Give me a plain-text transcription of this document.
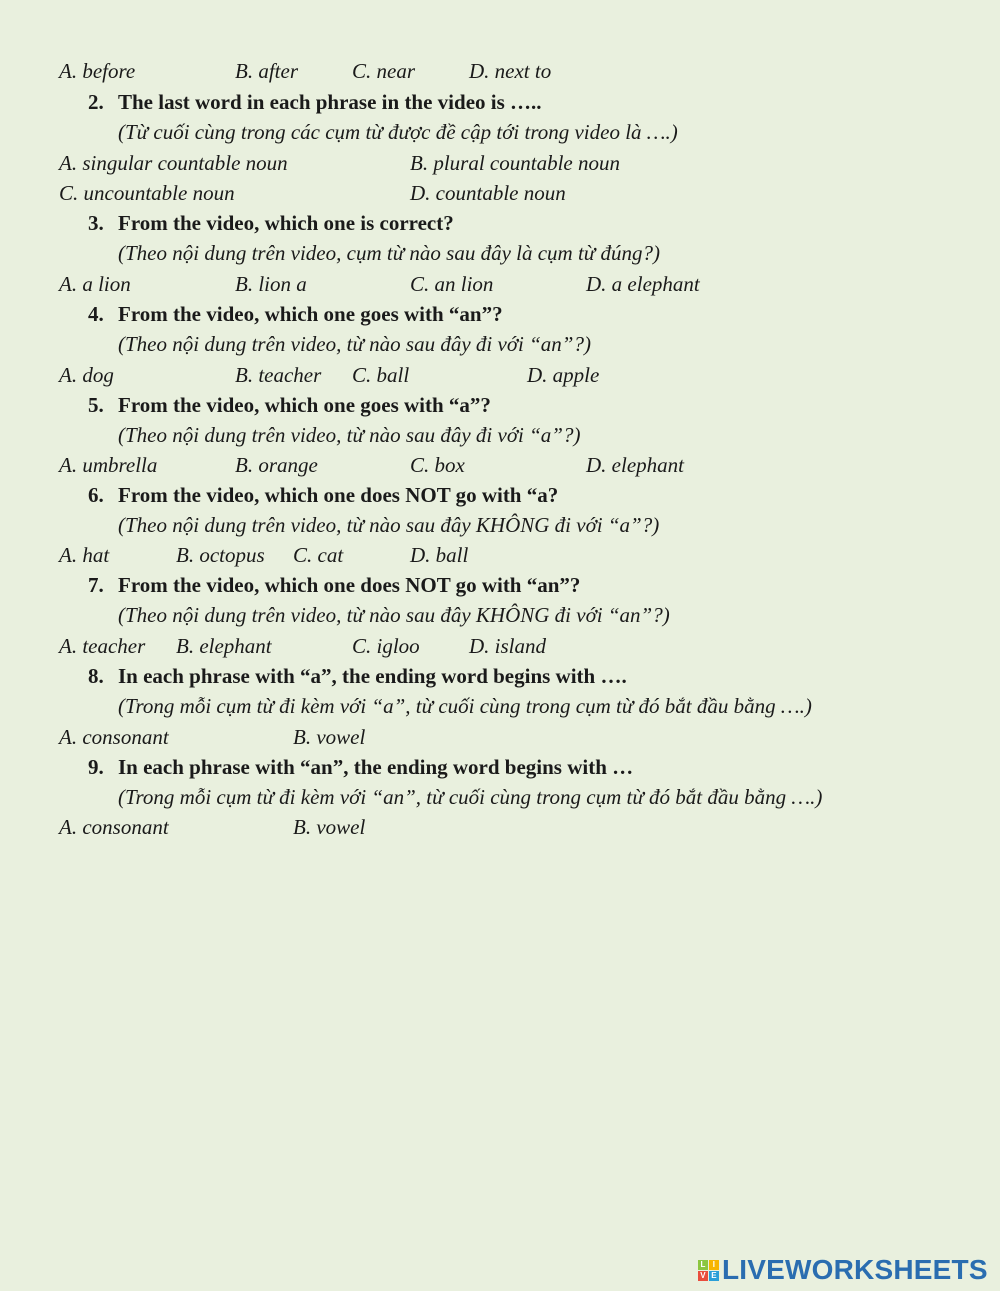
A. before	B. after	C. near	D. next to
2. The last word in each phrase in the video is …..
(Từ cuối cùng trong các cụm từ được đề cập tới trong video là ….)
A. singular countable noun	B. plural countable noun
C. uncountable noun	D. countable noun
3. From the video, which one is correct?
(Theo nội dung trên video, cụm từ nào sau đây là cụm từ đúng?)
A. a lion	B. lion a	C. an lion	D. a elephant
4. From the video, which one goes with “an”?
(Theo nội dung trên video, từ nào sau đây đi với “an”?)
A. dog	B. teacher C. ball	D. apple
5. From the video, which one goes with “a”?
(Theo nội dung trên video, từ nào sau đây đi với “a”?)
A. umbrella	B. orange	C. box	D. elephant
6. From the video, which one does NOT go with “a?
(Theo nội dung trên video, từ nào sau đây KHÔNG đi với “a”?)
A. hat	B. octopus C. cat	D. ball
7. From the video, which one does NOT go with “an”?
(Theo nội dung trên video, từ nào sau đây KHÔNG đi với “an”?)
A. teacher B. elephant	C. igloo D. island
8. In each phrase with “a”, the ending word begins with ….
(Trong mỗi cụm từ đi kèm với “a”, từ cuối cùng trong cụm từ đó bắt đầu bằng ….)
A. consonant	B. vowel
9. In each phrase with “an”, the ending word begins with …
(Trong mỗi cụm từ đi kèm với “an”, từ cuối cùng trong cụm từ đó bắt đầu bằng ….)
A. consonant	B. vowel
L I
V E LIVEWORKSHEETS
